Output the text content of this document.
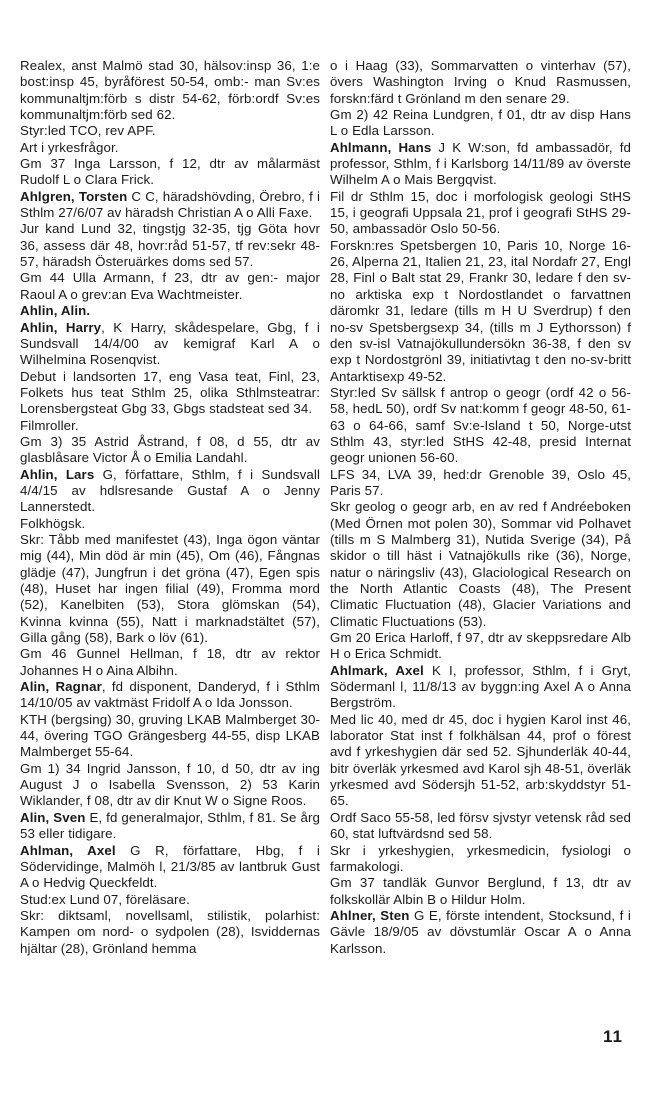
Realex, anst Malmö stad 30, hälsov:insp 36, 1:e bost:insp 45, byråförest 50-54, omb:- man Sv:es kommunaltjm:förb s distr 54-62, förb:ordf Sv:es kommunaltjm:förb sed 62.

Styr:led TCO, rev APF.

Art i yrkesfrågor.

Gm 37 Inga Larsson, f 12, dtr av målarmäst Rudolf L o Clara Frick.

Ahlgren, Torsten C C, häradshövding, Örebro, f i Sthlm 27/6/07 av häradsh Christian A o Alli Faxe.

Jur kand Lund 32, tingstjg 32-35, tjg Göta hovr 36, assess där 48, hovr:råd 51-57, tf rev:sekr 48-57, häradsh Österuärkes doms sed 57.

Gm 44 Ulla Armann, f 23, dtr av gen:- major Raoul A o grev:an Eva Wachtmeister.

Ahlin, Alin.

Ahlin, Harry, K Harry, skådespelare, Gbg, f i Sundsvall 14/4/00 av kemigraf Karl A o Wilhelmina Rosenqvist.

Debut i landsorten 17, eng Vasa teat, Finl, 23, Folkets hus teat Sthlm 25, olika Sthlmsteatrar: Lorensbergsteat Gbg 33, Gbgs stadsteat sed 34.

Filmroller.

Gm 3) 35 Astrid Åstrand, f 08, d 55, dtr av glasblåsare Victor Å o Emilia Landahl.

Ahlin, Lars G, författare, Sthlm, f i Sundsvall 4/4/15 av hdlsresande Gustaf A o Jenny Lannerstedt.

Folkhögsk.

Skr: Tåbb med manifestet (43), Inga ögon väntar mig (44), Min död är min (45), Om (46), Fångnas glädje (47), Jungfrun i det gröna (47), Egen spis (48), Huset har ingen filial (49), Fromma mord (52), Kanelbiten (53), Stora glömskan (54), Kvinna kvinna (55), Natt i marknadstältet (57), Gilla gång (58), Bark o löv (61).

Gm 46 Gunnel Hellman, f 18, dtr av rektor Johannes H o Aina Albihn.

Alin, Ragnar, fd disponent, Danderyd, f i Sthlm 14/10/05 av vaktmäst Fridolf A o Ida Jonsson.

KTH (bergsing) 30, gruving LKAB Malmberget 30-44, övering TGO Grängesberg 44-55, disp LKAB Malmberget 55-64.

Gm 1) 34 Ingrid Jansson, f 10, d 50, dtr av ing August J o Isabella Svensson, 2) 53 Karin Wiklander, f 08, dtr av dir Knut W o Signe Roos.

Alin, Sven E, fd generalmajor, Sthlm, f 81. Se årg 53 eller tidigare.

Ahlman, Axel G R, författare, Hbg, f i Södervidinge, Malmöh l, 21/3/85 av lantbruk Gust A o Hedvig Queckfeldt.

Stud:ex Lund 07, föreläsare.

Skr: diktsaml, novellsaml, stilistik, polarhist: Kampen om nord- o sydpolen (28), Isviddernas hjältar (28), Grönland hemma

o i Haag (33), Sommarvatten o vinterhav (57), övers Washington Irving o Knud Rasmussen, forskn:färd t Grönland m den senare 29.

Gm 2) 42 Reina Lundgren, f 01, dtr av disp Hans L o Edla Larsson.

Ahlmann, Hans J K W:son, fd ambassadör, fd professor, Sthlm, f i Karlsborg 14/11/89 av överste Wilhelm A o Mais Bergqvist.

Fil dr Sthlm 15, doc i morfologisk geologi StHS 15, i geografi Uppsala 21, prof i geografi StHS 29-50, ambassadör Oslo 50-56.

Forskn:res Spetsbergen 10, Paris 10, Norge 16-26, Alperna 21, Italien 21, 23, ital Nordafr 27, Engl 28, Finl o Balt stat 29, Frankr 30, ledare f den sv-no arktiska exp t Nordostlandet o farvattnen däromkr 31, ledare (tills m H U Sverdrup) f den no-sv Spetsbergsexp 34, (tills m J Eythorsson) f den sv-isl Vatnajökullundersökn 36-38, f den sv exp t Nordostgrönl 39, initiativtag t den no-sv-britt Antarktisexp 49-52.

Styr:led Sv sällsk f antrop o geogr (ordf 42 o 56-58, hedL 50), ordf Sv nat:komm f geogr 48-50, 61-63 o 64-66, samf Sv:e-Island t 50, Norge-utst Sthlm 43, styr:led StHS 42-48, presid Internat geogr unionen 56-60.

LFS 34, LVA 39, hed:dr Grenoble 39, Oslo 45, Paris 57.

Skr geolog o geogr arb, en av red f Andréeboken (Med Örnen mot polen 30), Sommar vid Polhavet (tills m S Malmberg 31), Nutida Sverige (34), På skidor o till häst i Vatnajökulls rike (36), Norge, natur o näringsliv (43), Glaciological Research on the North Atlantic Coasts (48), The Present Climatic Fluctuation (48), Glacier Variations and Climatic Fluctuations (53).

Gm 20 Erica Harloff, f 97, dtr av skeppsredare Alb H o Erica Schmidt.

Ahlmark, Axel K I, professor, Sthlm, f i Gryt, Södermanl l, 11/8/13 av byggn:ing Axel A o Anna Bergström.

Med lic 40, med dr 45, doc i hygien Karol inst 46, laborator Stat inst f folkhälsan 44, prof o förest avd f yrkeshygien där sed 52. Sjhunderläk 40-44, bitr överläk yrkesmed avd Karol sjh 48-51, överläk yrkesmed avd Södersjh 51-52, arb:skyddstyr 51-65.

Ordf Saco 55-58, led försv sjvstyr vetensk råd sed 60, stat luftvärdsnd sed 58.

Skr i yrkeshygien, yrkesmedicin, fysiologi o farmakologi.

Gm 37 tandläk Gunvor Berglund, f 13, dtr av folkskollär Albin B o Hildur Holm.

Ahlner, Sten G E, förste intendent, Stocksund, f i Gävle 18/9/05 av dövstumlär Oscar A o Anna Karlsson.

11
